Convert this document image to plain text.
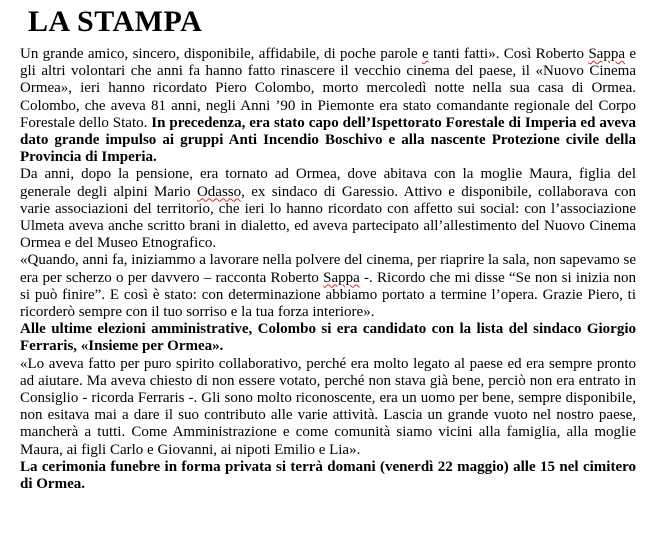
LA STAMPA

Un grande amico, sincero, disponibile, affidabile, di poche parole e tanti fatti». Così Roberto Sappa e gli altri volontari che anni fa hanno fatto rinascere il vecchio cinema del paese, il «Nuovo Cinema Ormea», ieri hanno ricordato Piero Colombo, morto mercoledì notte nella sua casa di Ormea. Colombo, che aveva 81 anni, negli Anni ’90 in Piemonte era stato comandante regionale del Corpo Forestale dello Stato. In precedenza, era stato capo dell’Ispettorato Forestale di Imperia ed aveva dato grande impulso ai gruppi Anti Incendio Boschivo e alla nascente Protezione civile della Provincia di Imperia.

Da anni, dopo la pensione, era tornato ad Ormea, dove abitava con la moglie Maura, figlia del generale degli alpini Mario Odasso, ex sindaco di Garessio. Attivo e disponibile, collaborava con varie associazioni del territorio, che ieri lo hanno ricordato con affetto sui social: con l’associazione Ulmeta aveva anche scritto brani in dialetto, ed aveva partecipato all’allestimento del Nuovo Cinema Ormea e del Museo Etnografico.

«Quando, anni fa, iniziammo a lavorare nella polvere del cinema, per riaprire la sala, non sapevamo se era per scherzo o per davvero – racconta Roberto Sappa -. Ricordo che mi disse “Se non si inizia non si può finire”. E così è stato: con determinazione abbiamo portato a termine l’opera. Grazie Piero, ti ricorderò sempre con il tuo sorriso e la tua forza interiore».

Alle ultime elezioni amministrative, Colombo si era candidato con la lista del sindaco Giorgio Ferraris, «Insieme per Ormea».

«Lo aveva fatto per puro spirito collaborativo, perché era molto legato al paese ed era sempre pronto ad aiutare. Ma aveva chiesto di non essere votato, perché non stava già bene, perciò non era entrato in Consiglio - ricorda Ferraris -. Gli sono molto riconoscente, era un uomo per bene, sempre disponibile, non esitava mai a dare il suo contributo alle varie attività. Lascia un grande vuoto nel nostro paese, mancherà a tutti. Come Amministrazione e come comunità siamo vicini alla famiglia, alla moglie Maura, ai figli Carlo e Giovanni, ai nipoti Emilio e Lia».

La cerimonia funebre in forma privata si terrà domani (venerdì 22 maggio) alle 15 nel cimitero di Ormea.
